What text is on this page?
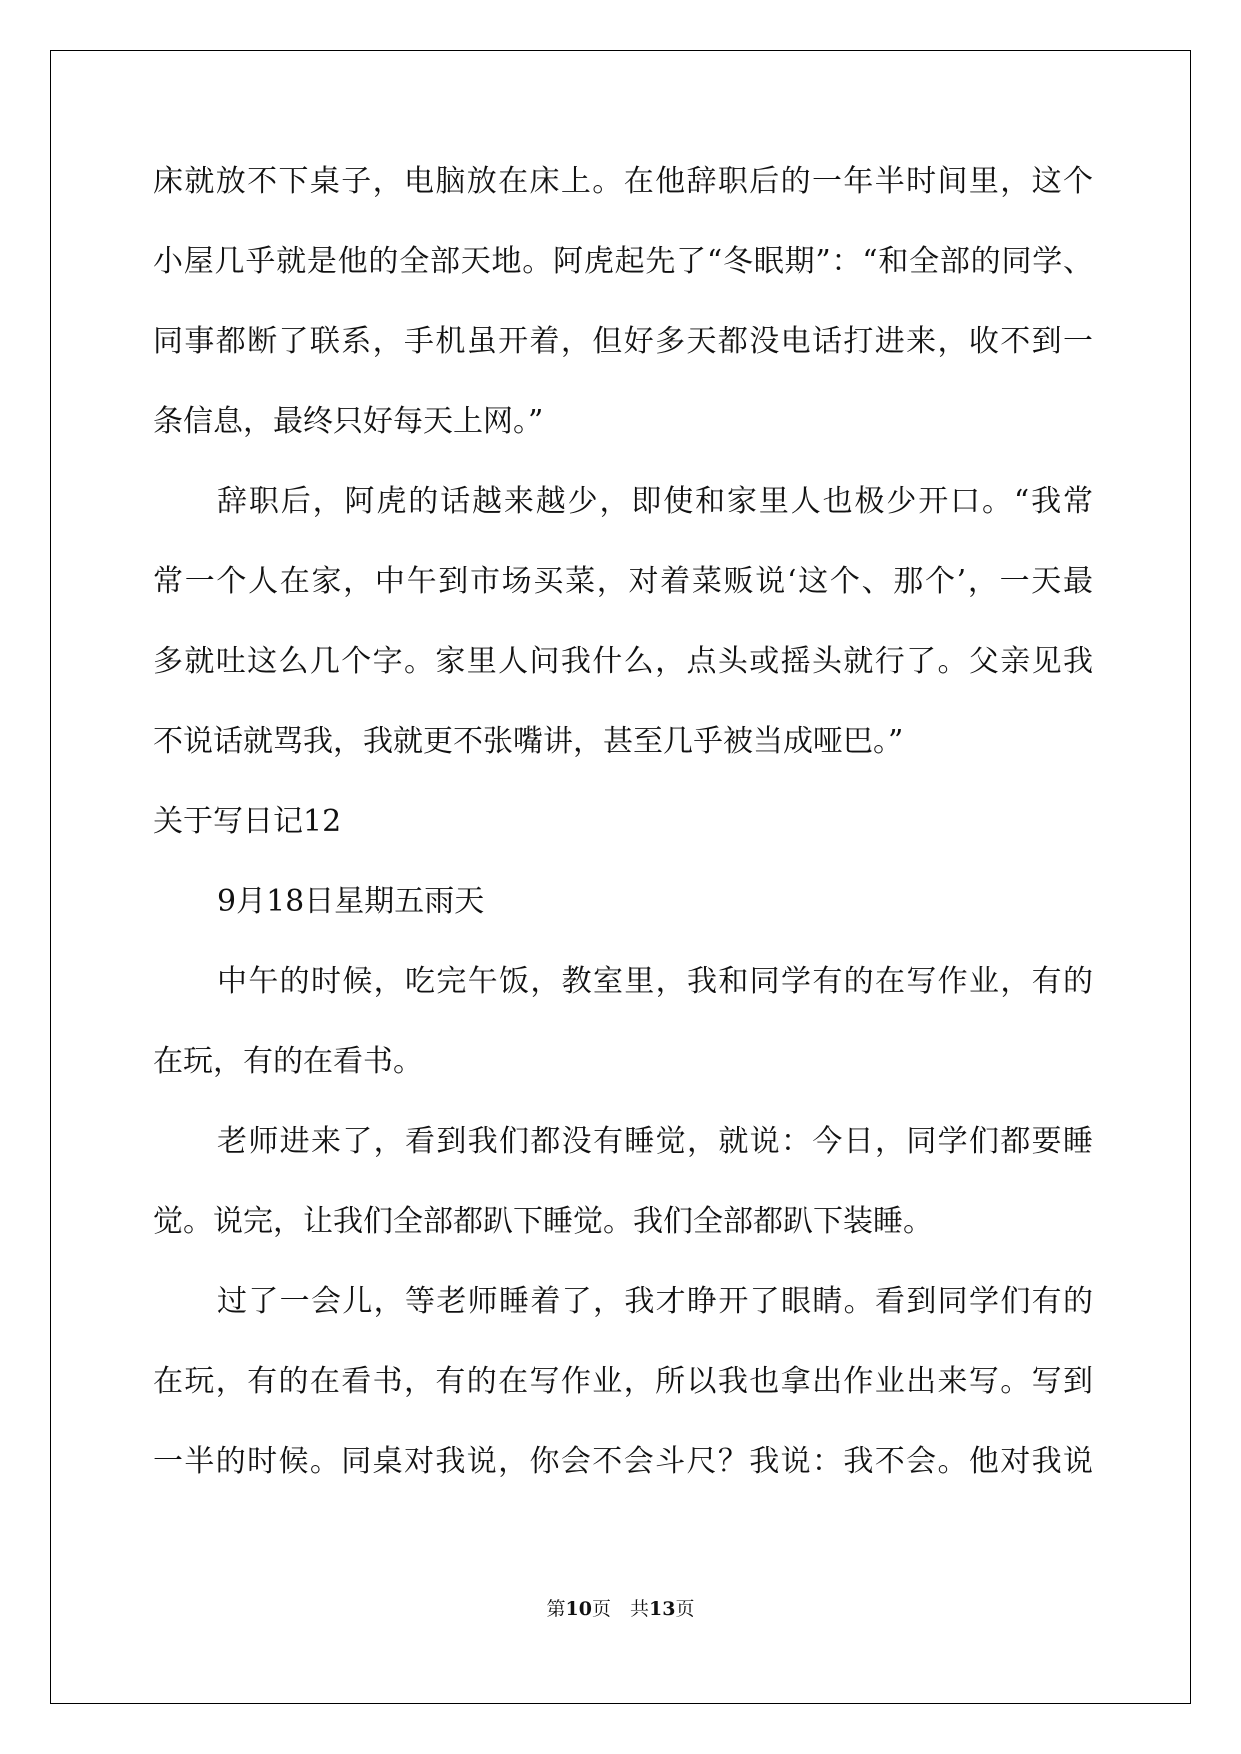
床就放不下桌子，电脑放在床上。在他辞职后的一年半时间里，这个
小屋几乎就是他的全部天地。阿虎起先了“冬眠期”：“和全部的同学、
同事都断了联系，手机虽开着，但好多天都没电话打进来，收不到一
条信息，最终只好每天上网。”
辞职后，阿虎的话越来越少，即使和家里人也极少开口。“我常
常一个人在家，中午到市场买菜，对着菜贩说‘这个、那个’，一天最
多就吐这么几个字。家里人问我什么，点头或摇头就行了。父亲见我
不说话就骂我，我就更不张嘴讲，甚至几乎被当成哑巴。”
关于写日记12
9月18日星期五雨天
中午的时候，吃完午饭，教室里，我和同学有的在写作业，有的
在玩，有的在看书。
老师进来了，看到我们都没有睡觉，就说：今日，同学们都要睡
觉。说完，让我们全部都趴下睡觉。我们全部都趴下装睡。
过了一会儿，等老师睡着了，我才睁开了眼睛。看到同学们有的
在玩，有的在看书，有的在写作业，所以我也拿出作业出来写。写到
一半的时候。同桌对我说，你会不会斗尺？我说：我不会。他对我说
第10页　共13页
